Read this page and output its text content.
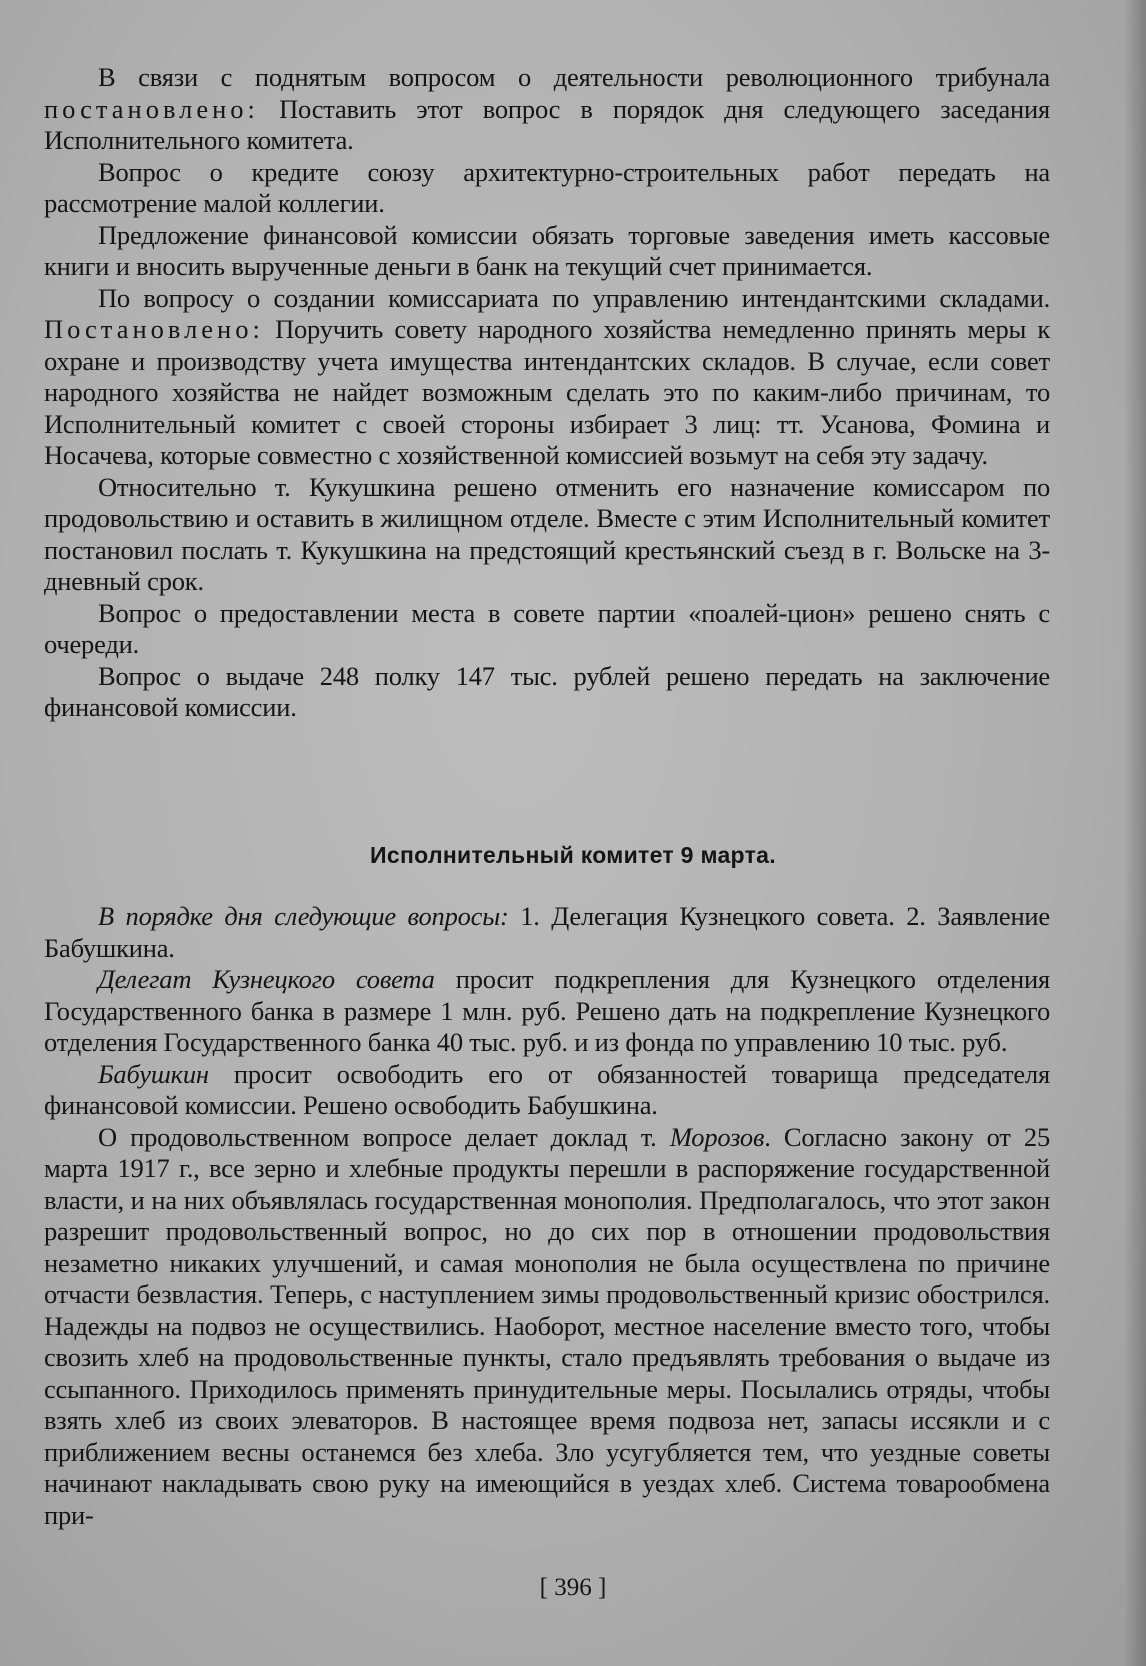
В связи с поднятым вопросом о деятельности революционного трибунала постановлено: Поставить этот вопрос в порядок дня следующего заседания Исполнительного комитета.

Вопрос о кредите союзу архитектурно-строительных работ передать на рассмотрение малой коллегии.

Предложение финансовой комиссии обязать торговые заведения иметь кассовые книги и вносить вырученные деньги в банк на текущий счет принимается.

По вопросу о создании комиссариата по управлению интендантскими складами. Постановлено: Поручить совету народного хозяйства немедленно принять меры к охране и производству учета имущества интендантских складов. В случае, если совет народного хозяйства не найдет возможным сделать это по каким-либо причинам, то Исполнительный комитет с своей стороны избирает 3 лиц: тт. Усанова, Фомина и Носачева, которые совместно с хозяйственной комиссией возьмут на себя эту задачу.

Относительно т. Кукушкина решено отменить его назначение комиссаром по продовольствию и оставить в жилищном отделе. Вместе с этим Исполнительный комитет постановил послать т. Кукушкина на предстоящий крестьянский съезд в г. Вольске на 3-дневный срок.

Вопрос о предоставлении места в совете партии «поалей-цион» решено снять с очереди.

Вопрос о выдаче 248 полку 147 тыс. рублей решено передать на заключение финансовой комиссии.

Исполнительный комитет 9 марта.

В порядке дня следующие вопросы: 1. Делегация Кузнецкого совета. 2. Заявление Бабушкина.

Делегат Кузнецкого совета просит подкрепления для Кузнецкого отделения Государственного банка в размере 1 млн. руб. Решено дать на подкрепление Кузнецкого отделения Государственного банка 40 тыс. руб. и из фонда по управлению 10 тыс. руб.

Бабушкин просит освободить его от обязанностей товарища председателя финансовой комиссии. Решено освободить Бабушкина.

О продовольственном вопросе делает доклад т. Морозов. Согласно закону от 25 марта 1917 г., все зерно и хлебные продукты перешли в распоряжение государственной власти, и на них объявлялась государственная монополия. Предполагалось, что этот закон разрешит продовольственный вопрос, но до сих пор в отношении продовольствия незаметно никаких улучшений, и самая монополия не была осуществлена по причине отчасти безвластия. Теперь, с наступлением зимы продовольственный кризис обострился. Надежды на подвоз не осуществились. Наоборот, местное население вместо того, чтобы свозить хлеб на продовольственные пункты, стало предъявлять требования о выдаче из ссыпанного. Приходилось применять принудительные меры. Посылались отряды, чтобы взять хлеб из своих элеваторов. В настоящее время подвоза нет, запасы иссякли и с приближением весны останемся без хлеба. Зло усугубляется тем, что уездные советы начинают накладывать свою руку на имеющийся в уездах хлеб. Система товарообмена при-

[ 396 ]
